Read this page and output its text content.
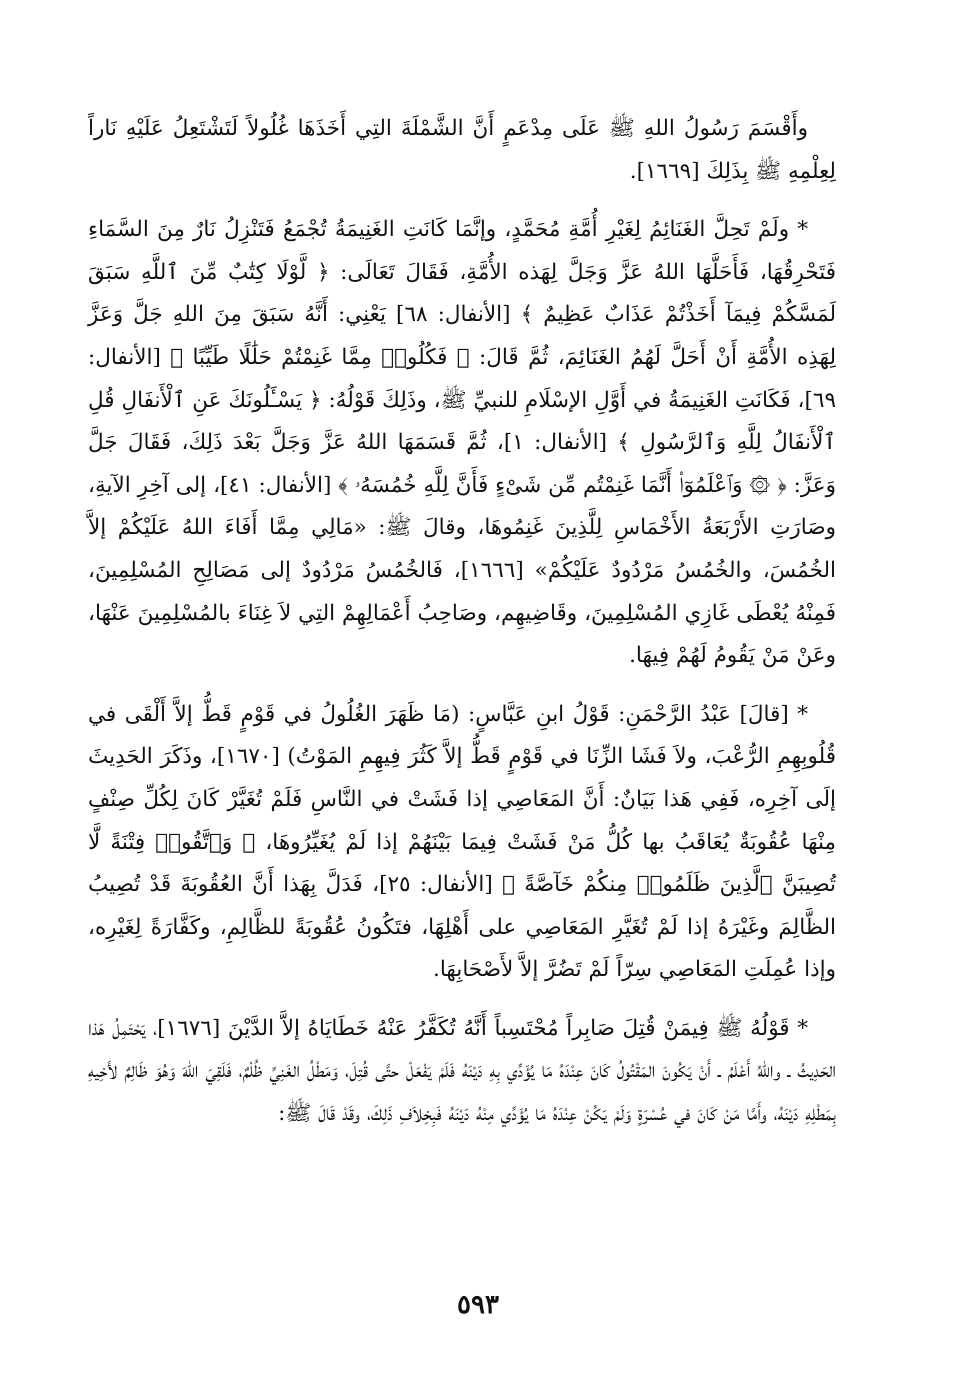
وأَقْسَمَ رَسُولُ اللهِ ﷺ عَلَى مِدْعَمٍ أَنَّ الشَّمْلَةَ التِي أَخَذَهَا غُلُولاً لَتَشْتَعِلُ عَلَيْهِ نَاراً لِعِلْمِهِ ﷺ بِذَلِكَ [١٦٦٩].

* ولَمْ تَحِلَّ الغَنَائِمُ لِغَيْرِ أُمَّةِ مُحَمَّدٍ، وإنَّمَا كَانَتِ الغَنِيمَةُ تُجْمَعُ فَتَنْزِلُ نَارٌ مِنَ السَّمَاءِ فَتَحْرِقُهَا، فَأَحَلَّهَا اللهُ عَزَّ وَجَلَّ لِهَذه الأُمَّةِ، فَقَالَ تَعَالَى: ﴿ لَّوْلَا كِتَٰبٌ مِّنَ ٱللَّهِ سَبَقَ لَمَسَّكُمْ فِيمَآ أَخَذْتُمْ عَذَابٌ عَظِيمٌ ﴾ [الأنفال: ٦٨] يَعْنِي: أَنَّهُ سَبَقَ مِنَ اللهِ جَلَّ وَعَزَّ لِهَذِه الأُمَّةِ أَنْ أَحَلَّ لَهُمُ الغَنَائِمَ، ثُمَّ قَالَ: ﴿ فَكُلُوا۟ مِمَّا غَنِمْتُمْ حَلَٰلًا طَيِّبًا ﴾ [الأنفال: ٦٩]، فَكَانَتِ الغَنِيمَةُ في أَوَّلِ الإسْلَامِ للنبيِّ ﷺ، وذَلِكَ قَوْلُهُ: ﴿ يَسْـَٔلُونَكَ عَنِ ٱلْأَنفَالِ قُلِ ٱلْأَنفَالُ لِلَّهِ وَٱلرَّسُولِ ﴾ [الأنفال: ١]، ثُمَّ قَسَمَهَا اللهُ عَزَّ وَجَلَّ بَعْدَ ذَلِكَ، فَقَالَ جَلَّ وَعَزَّ: ﴿ ۞ وَٱعْلَمُوٓا۟ أَنَّمَا غَنِمْتُم مِّن شَىْءٍ فَأَنَّ لِلَّهِ خُمُسَهُۥ ﴾ [الأنفال: ٤١]، إلى آخِرِ الآيةِ، وصَارَتِ الأَرْبَعَةُ الأَخْمَاسِ لِلَّذِينَ غَنِمُوهَا، وقالَ ﷺ: «مَالِي مِمَّا أَفَاءَ اللهُ عَلَيْكُمْ إلاَّ الخُمُسَ، والخُمُسُ مَرْدُودٌ عَلَيْكُمْ» [١٦٦٦]، فَالخُمُسُ مَرْدُودٌ إلى مَصَالِحِ المُسْلِمِينَ، فَمِنْهُ يُعْطَى غَازِي المُسْلِمِينَ، وقَاضِيهِم، وصَاحِبُ أَعْمَالِهِمْ التِي لاَ غِنَاءَ بالمُسْلِمِينَ عَنْهَا، وعَنْ مَنْ يَقُومُ لَهُمْ فِيهَا.

* [قالَ] عَبْدُ الرَّحْمَنِ: قَوْلُ ابنِ عَبَّاسٍ: (مَا ظَهَرَ الغُلُولُ في قَوْمٍ قَطُّ إلاَّ أَلْقَى في قُلُوبِهِمِ الرُّعْبَ، ولاَ فَشَا الزِّنَا في قَوْمٍ قَطُّ إلاَّ كَثُرَ فِيهِمِ المَوْتُ) [١٦٧٠]، وذَكَرَ الحَدِيثَ إلَى آخِرِه، فَفِي هَذا بَيَانٌ: أَنَّ المَعَاصِي إذا فَشَتْ في النَّاسِ فَلَمْ تُغَيَّرْ كَانَ لِكُلِّ صِنْفٍ مِنْهَا عُقُوبَةٌ يُعَاقَبُ بها كُلُّ مَنْ فَشَتْ فِيمَا بَيْنَهُمْ إذا لَمْ يُغَيِّرُوهَا، ﴿ وَٱتَّقُوا۟ فِتْنَةً لَّا تُصِيبَنَّ ٱلَّذِينَ ظَلَمُوا۟ مِنكُمْ خَآصَّةً ﴾ [الأنفال: ٢٥]، فَدَلَّ بِهَذا أَنَّ العُقُوبَةَ قَدْ تُصِيبُ الظَّالِمَ وغَيْرَهُ إذا لَمْ تُغَيَّرِ المَعَاصِي على أَهْلِهَا، فتَكُونُ عُقُوبَةً للظَّالِمِ، وكَفَّارَةً لِغَيْرِه، وإذا عُمِلَتِ المَعَاصِي سِرّاً لَمْ تَضُرَّ إلاَّ لأَصْحَابِهَا.

* قَوْلُهُ ﷺ فِيمَنْ قُتِلَ صَابِراً مُحْتَسِباً أَنَّهُ تُكَفَّرُ عَنْهُ خَطَايَاهُ إلاَّ الدَّيْنَ [١٦٧٦]، يَحْتَمِلُ هَذا الحَدِيثُ ـ واللهُ أَعْلَمُ ـ أَنْ يَكُونَ المَقْتُولُ كَانَ عِنْدَهُ مَا يُؤَدِّي بِهِ دَيْنَهُ فَلَمْ يَفْعَلْ حتَّى قُتِلَ، وَمَطْلُ الغَنِيِّ ظُلْمٌ، فَلَقِيَ اللهَ وَهُوَ ظَالِمٌ لأَخِيهِ بِمَطْلِهِ دَيْنَهُ، وأَمَّا مَنْ كَانَ في عُسْرَةٍ وَلَمْ يَكُنْ عِنْدَهُ مَا يُؤَدِّي مِنْهُ دَيْنَهُ فَبِخِلاَفِ ذَلِكَ، وقَدْ قَالَ ﷺ:

٥٩٣
